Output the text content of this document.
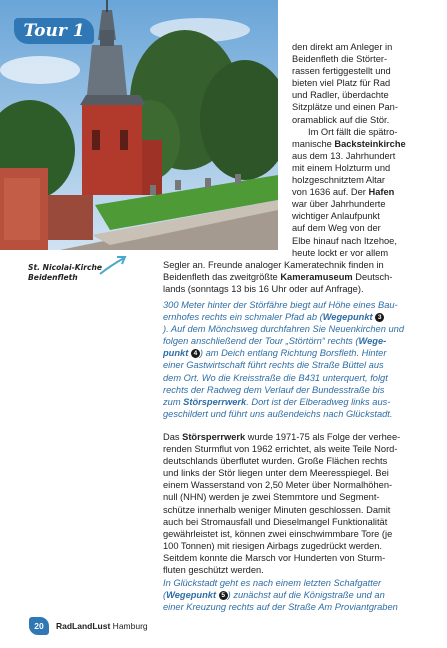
Tour 1
St. Nicolai-Kirche
Beidenfleth
den direkt am Anleger in
Beidenfleth die Störter-
rassen fertiggestellt und
bieten viel Platz für Rad
und Radler, überdachte
Sitzplätze und einen Pan-
oramablick auf die Stör.
Im Ort fällt die spätro-
manische Backsteinkirche
aus dem 13. Jahrhundert
mit einem Holzturm und
holzgeschnitztem Altar
von 1636 auf. Der Hafen
war über Jahrhunderte
wichtiger Anlaufpunkt
auf dem Weg von der
Elbe hinauf nach Itzehoe,
heute lockt er vor allem
Segler an. Freunde analoger Kameratechnik finden in
Beidenfleth das zweitgrößte Kameramuseum Deutsch-
lands (sonntags 13 bis 16 Uhr oder auf Anfrage).
300 Meter hinter der Störfähre biegt auf Höhe eines Bau-
ernhofes rechts ein schmaler Pfad ab (Wegepunkt 3
). Auf dem Mönchsweg durchfahren Sie Neuenkirchen und
folgen anschließend der Tour „Störtörn“ rechts (Wege-
punkt 4 ) am Deich entlang Richtung Borsfleth. Hinter
einer Gastwirtschaft führt rechts die Straße Büttel aus
dem Ort. Wo die Kreisstraße die B431 unterquert, folgt
rechts der Radweg dem Verlauf der Bundesstraße bis
zum Störsperrwerk. Dort ist der Elberadweg links aus-
geschildert und führt uns außendeichs nach Glückstadt.
Das Störsperrwerk wurde 1971-75 als Folge der verhee-
renden Sturmflut von 1962 errichtet, als weite Teile Nord-
deutschlands überflutet wurden. Große Flächen rechts
und links der Stör liegen unter dem Meeresspiegel. Bei
einem Wasserstand von 2,50 Meter über Normalhöhen-
null (NHN) werden je zwei Stemmtore und Segment-
schütze innerhalb weniger Minuten geschlossen. Damit
auch bei Stromausfall und Dieselmangel Funktionalität
gewährleistet ist, können zwei einschwimmbare Tore (je
100 Tonnen) mit riesigen Airbags zugedrückt werden.
Seitdem konnte die Marsch vor Hunderten von Sturm-
fluten geschützt werden.
In Glückstadt geht es nach einem letzten Schafgatter
(Wegepunkt 5 ) zunächst auf die Königstraße und an
einer Kreuzung rechts auf der Straße Am Proviantgraben
20	RadLandLust Hamburg
